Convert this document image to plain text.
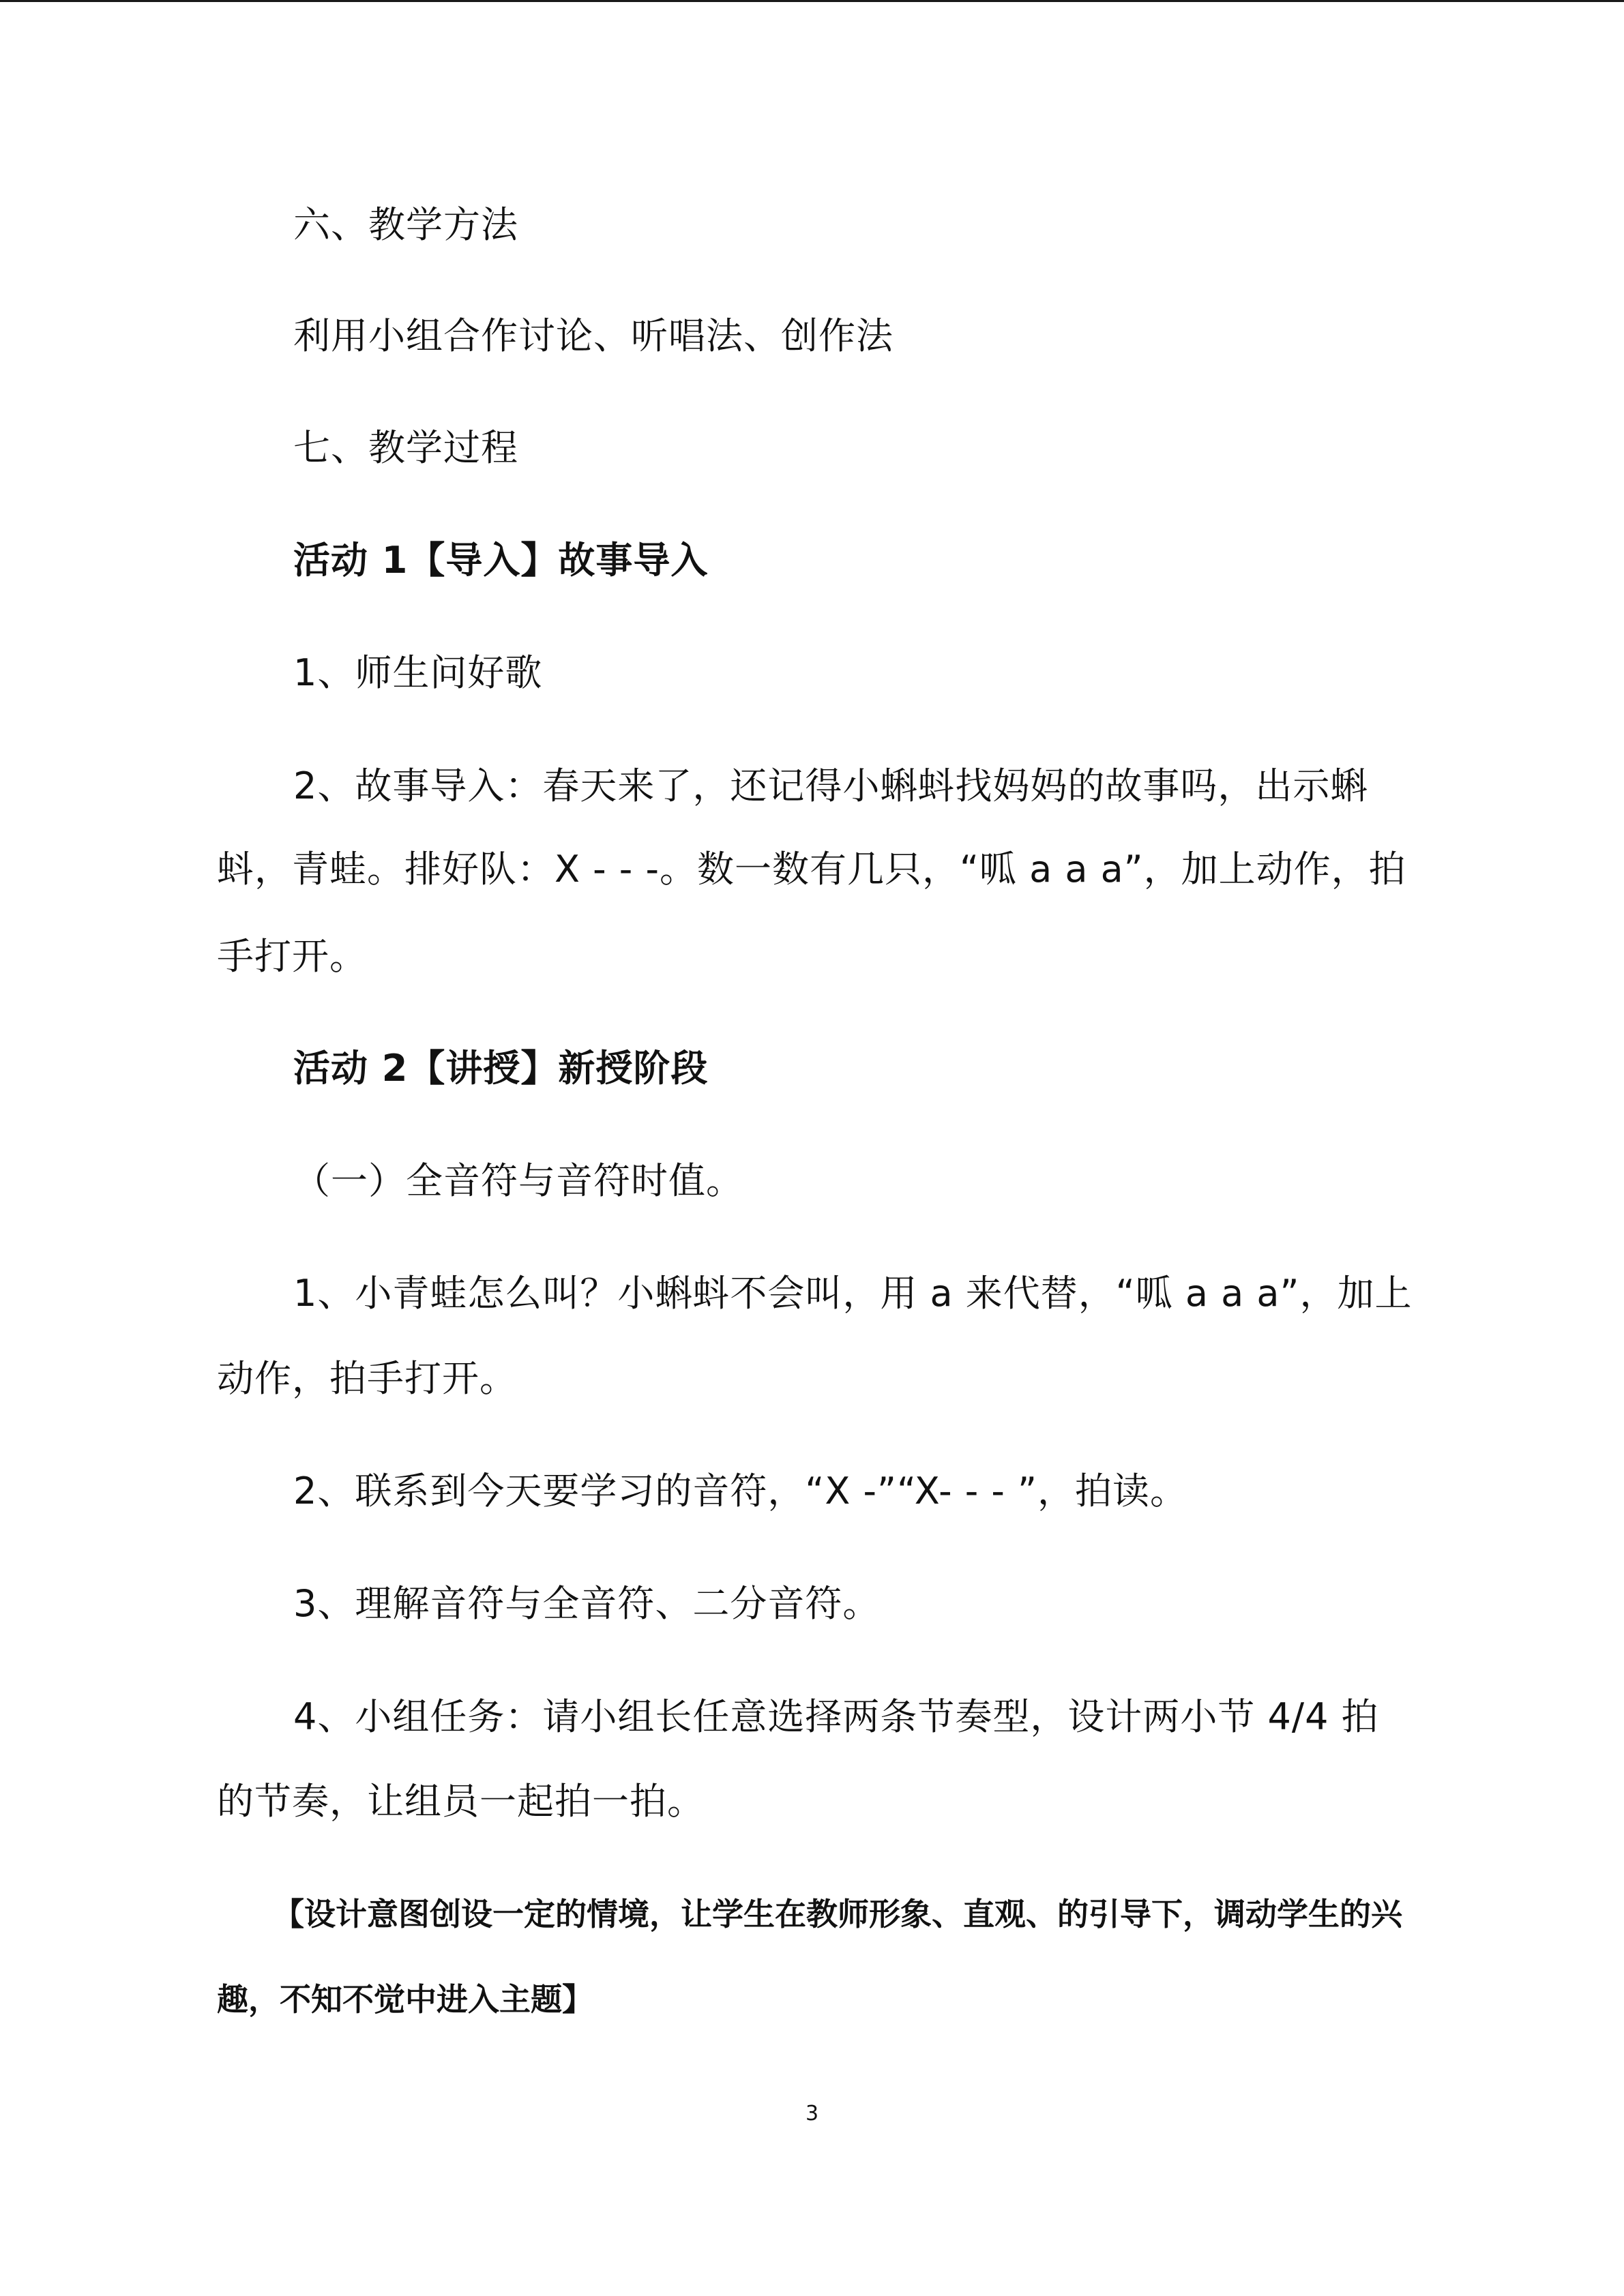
六、教学方法
利用小组合作讨论、听唱法、创作法
七、教学过程
活动 1【导入】故事导入
1、师生问好歌
2、故事导入：春天来了，还记得小蝌蚪找妈妈的故事吗，出示蝌
蚪，青蛙。排好队：X - - -。数一数有几只，“呱 a a a”，加上动作，拍
手打开。
活动 2【讲授】新授阶段
（一）全音符与音符时值。
1、小青蛙怎么叫？小蝌蚪不会叫，用 a 来代替，“呱 a a a”，加上
动作，拍手打开。
2、联系到今天要学习的音符，“X -”“X- - - ”，拍读。
3、理解音符与全音符、二分音符。
4、小组任务：请小组长任意选择两条节奏型，设计两小节 4/4 拍
的节奏，让组员一起拍一拍。
【设计意图创设一定的情境，让学生在教师形象、直观、的引导下，调动学生的兴
趣，不知不觉中进入主题】
3
